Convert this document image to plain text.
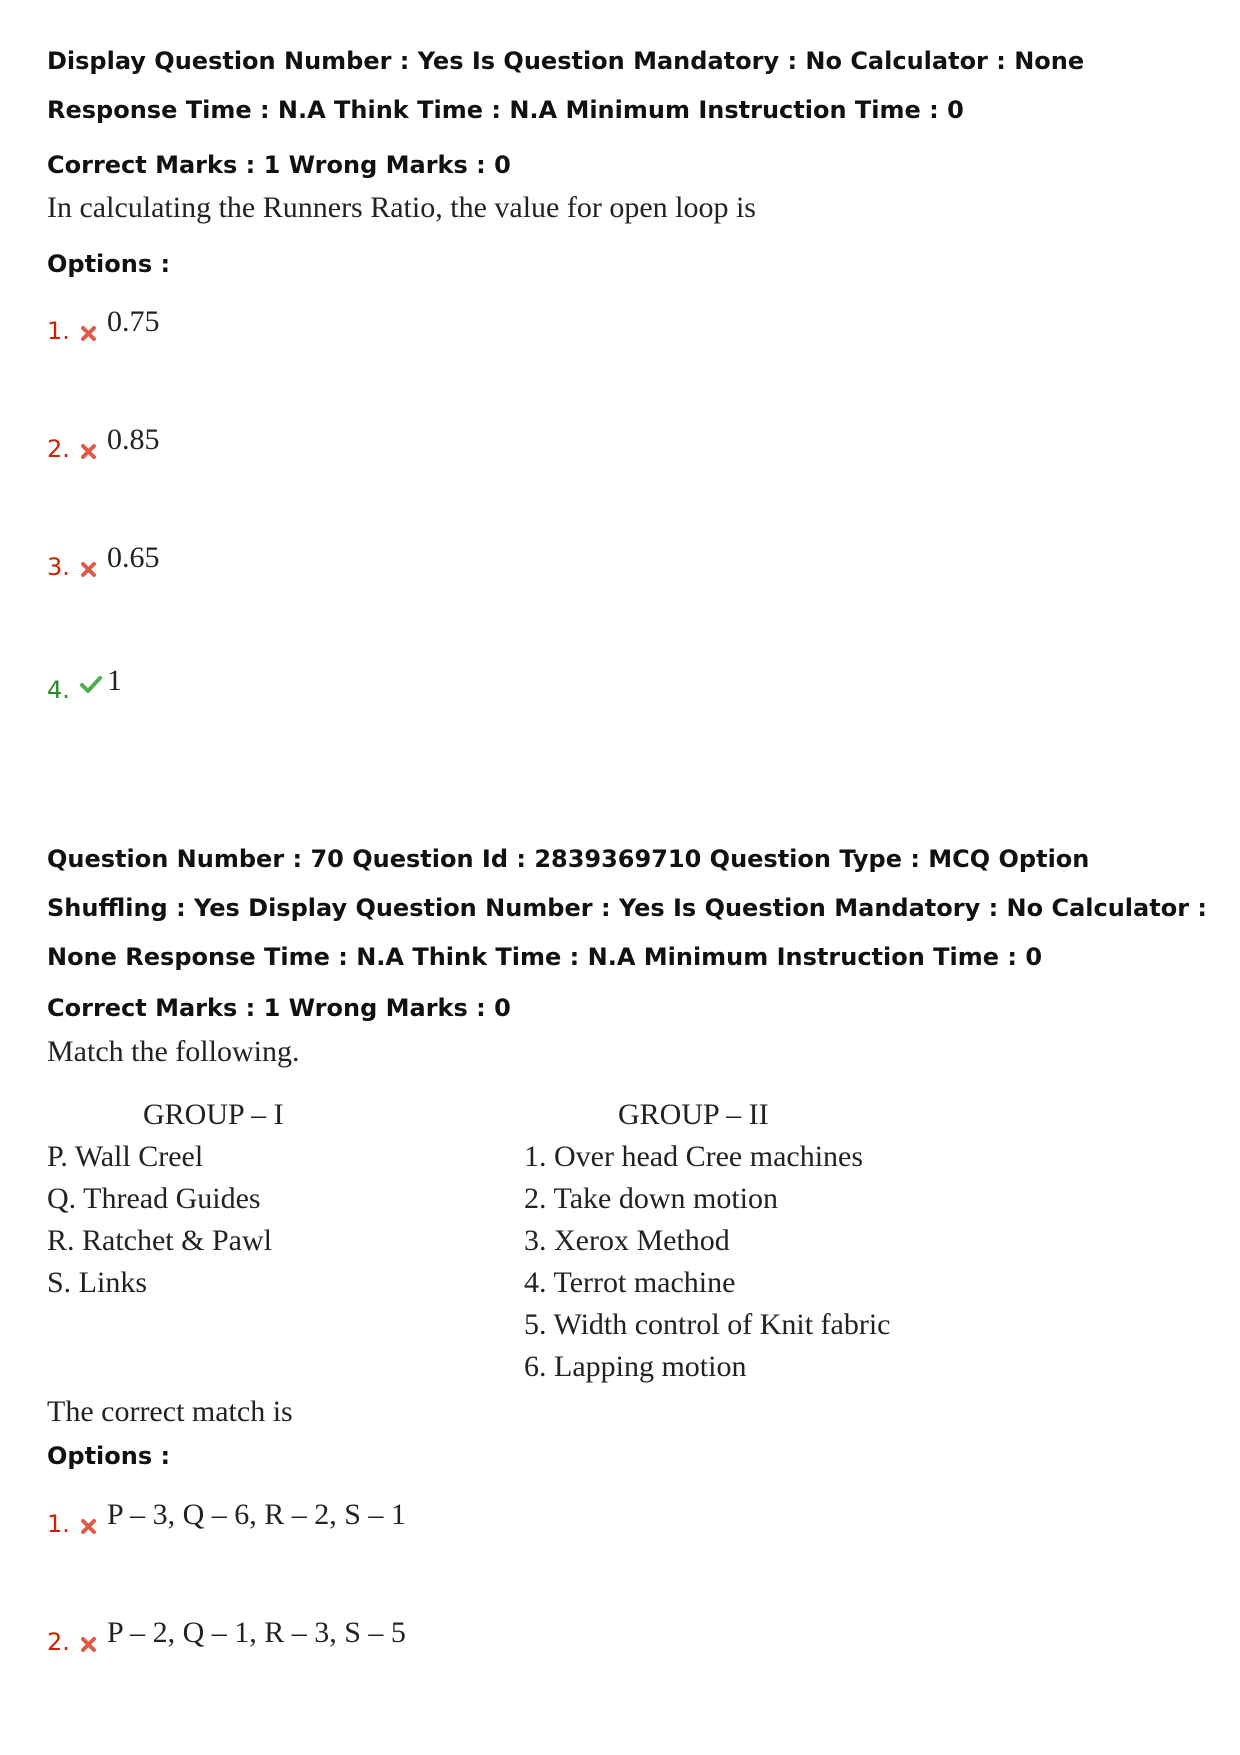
Display Question Number : Yes Is Question Mandatory : No Calculator : None Response Time : N.A Think Time : N.A Minimum Instruction Time : 0

Correct Marks : 1 Wrong Marks : 0

In calculating the Runners Ratio, the value for open loop is

Options :

1. 0.75
2. 0.85
3. 0.65
4. 1

Question Number : 70 Question Id : 2839369710 Question Type : MCQ Option Shuffling : Yes Display Question Number : Yes Is Question Mandatory : No Calculator : None Response Time : N.A Think Time : N.A Minimum Instruction Time : 0

Correct Marks : 1 Wrong Marks : 0

Match the following.

GROUP – I

P. Wall Creel

Q. Thread Guides

R. Ratchet & Pawl

S. Links

GROUP – II

1. Over head Cree machines

2. Take down motion

3. Xerox Method

4. Terrot machine

5. Width control of Knit fabric

6. Lapping motion

The correct match is

Options :

1. P – 3, Q – 6, R – 2, S – 1
2. P – 2, Q – 1, R – 3, S – 5
